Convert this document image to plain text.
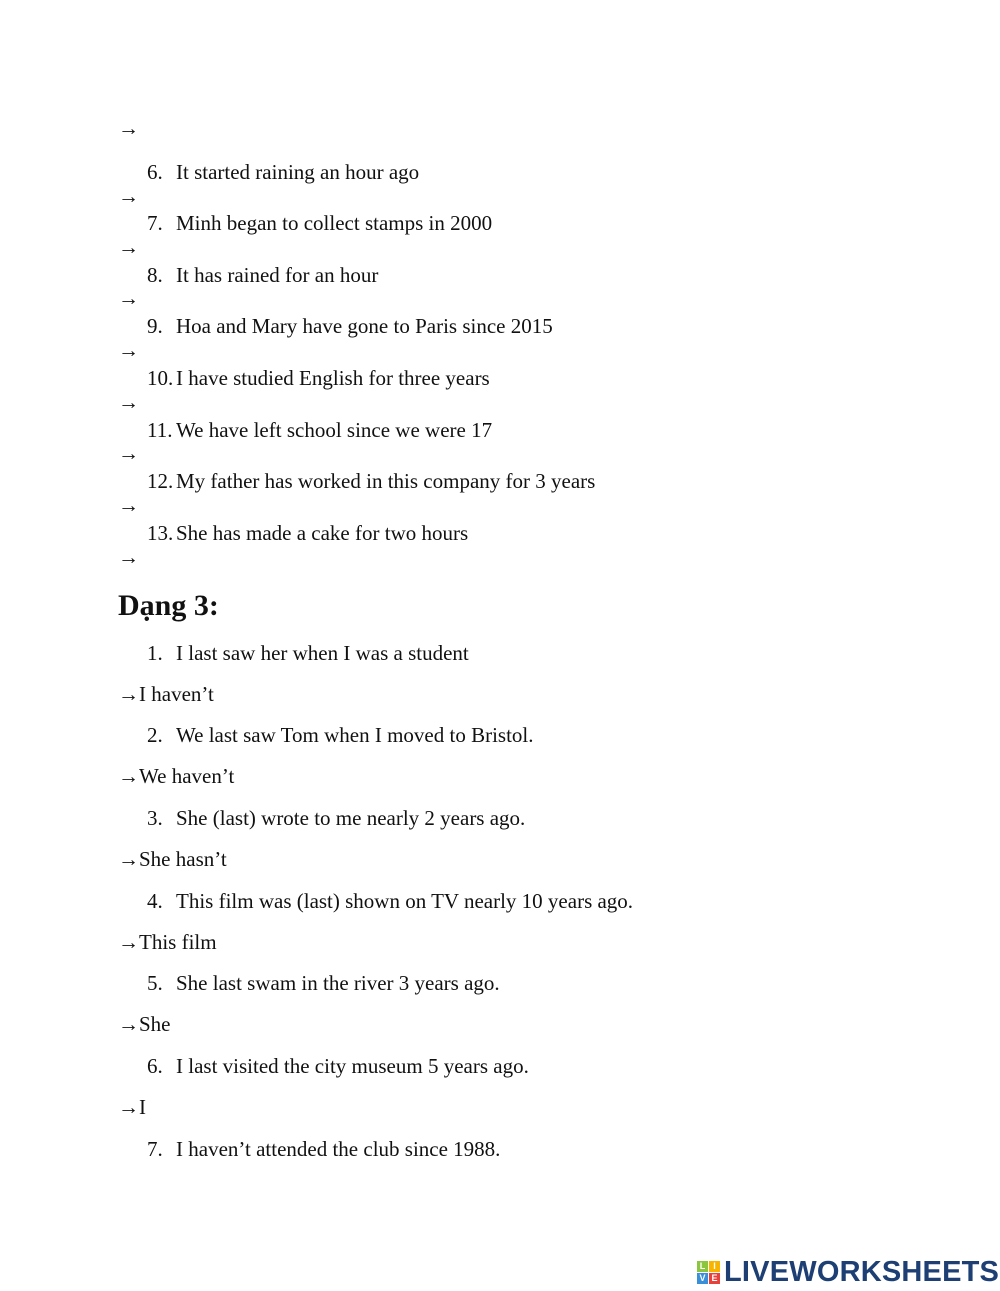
→
6. It started raining an hour ago
→
7. Minh began to collect stamps in 2000
→
8. It has rained for an hour
→
9. Hoa and Mary have gone to Paris since 2015
→
10. I have studied English for three years
→
11. We have left school since we were 17
→
12. My father has worked in this company for 3 years
→
13. She has made a cake for two hours
→
Dạng 3:
1. I last saw her when I was a student
→I haven’t
2. We last saw Tom when I moved to Bristol.
→We haven’t
3. She (last) wrote to me nearly 2 years ago.
→She hasn’t
4. This film was (last) shown on TV nearly 10 years ago.
→This film
5. She last swam in the river 3 years ago.
→She
6. I last visited the city museum 5 years ago.
→I
7. I haven’t attended the club since 1988.
L I
V E LIVEWORKSHEETS
